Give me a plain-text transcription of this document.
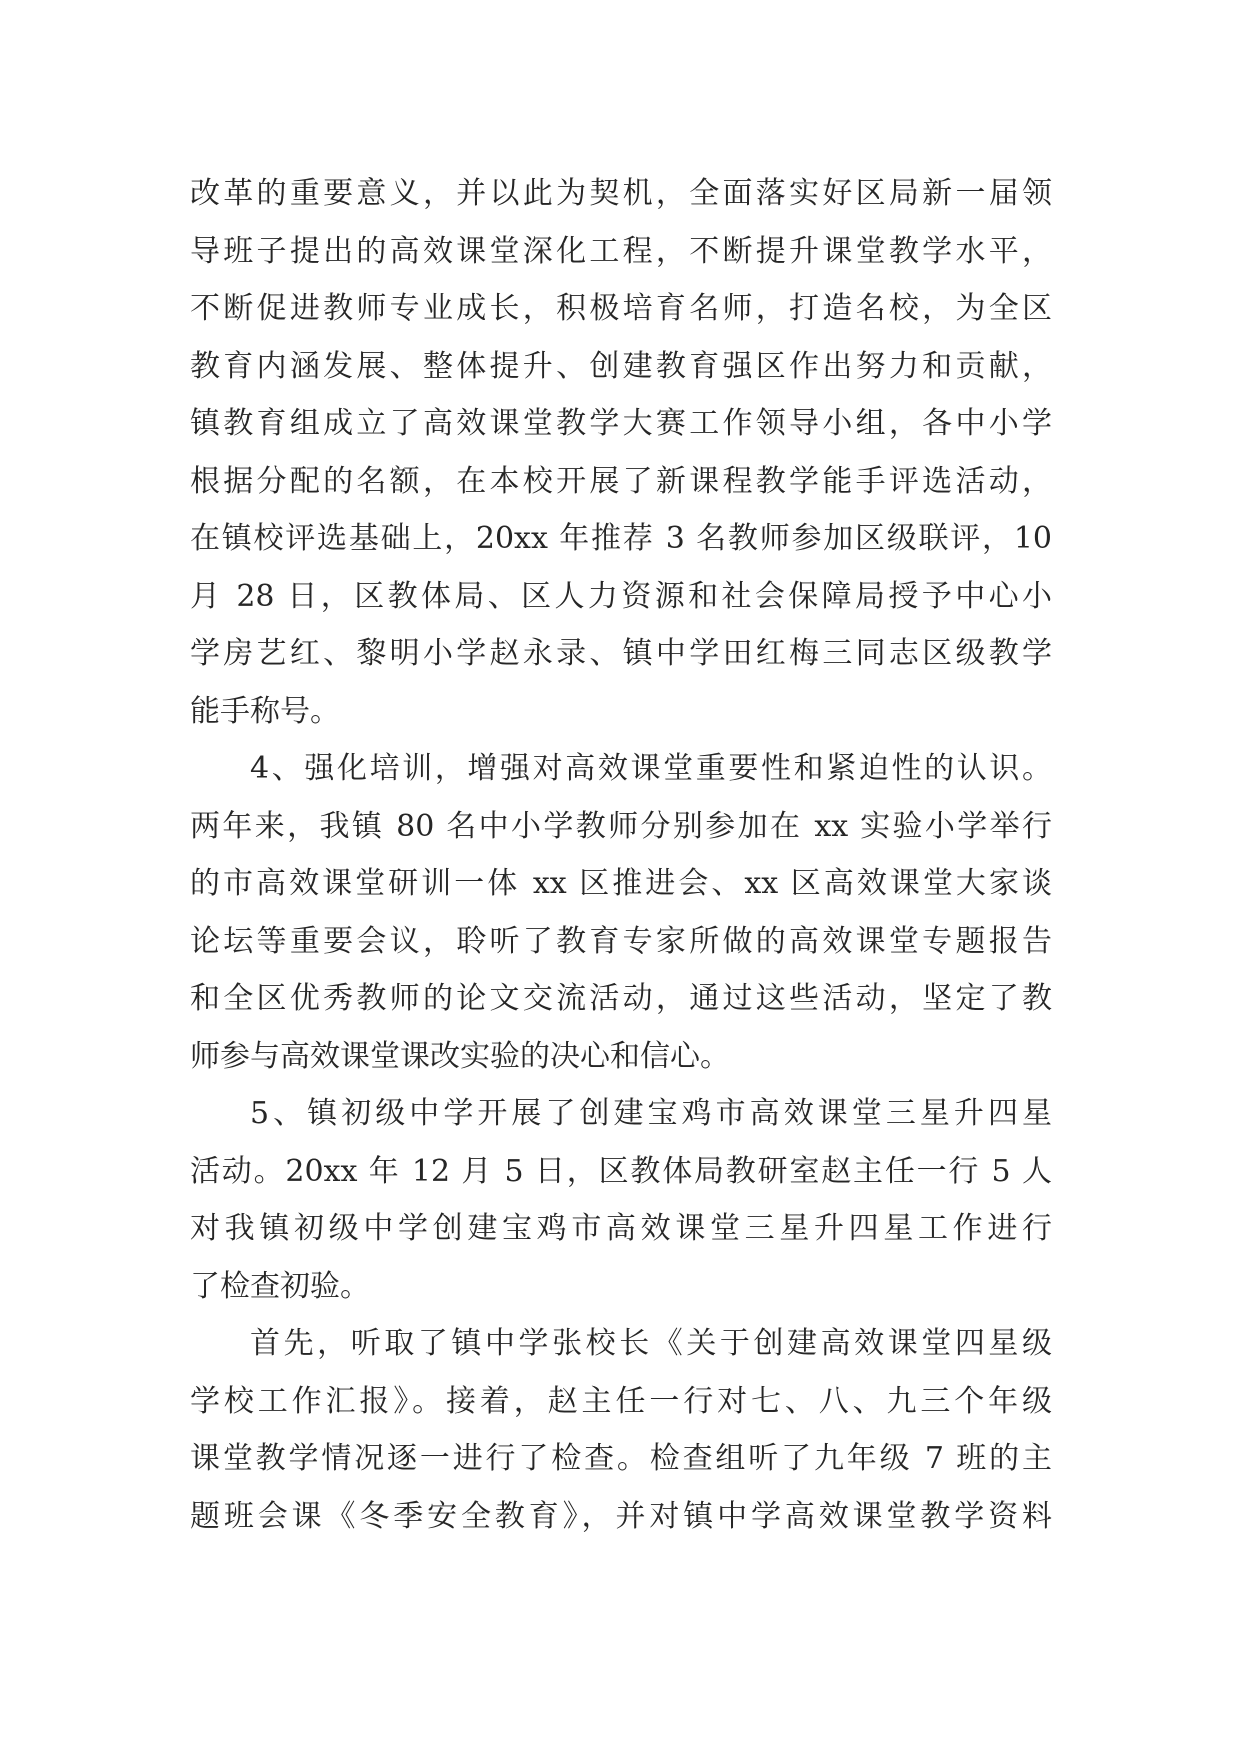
改革的重要意义，并以此为契机，全面落实好区局新一届领
导班子提出的高效课堂深化工程，不断提升课堂教学水平，
不断促进教师专业成长，积极培育名师，打造名校，为全区
教育内涵发展、整体提升、创建教育强区作出努力和贡献，
镇教育组成立了高效课堂教学大赛工作领导小组，各中小学
根据分配的名额，在本校开展了新课程教学能手评选活动，
在镇校评选基础上，20xx 年推荐 3 名教师参加区级联评，10
月 28 日，区教体局、区人力资源和社会保障局授予中心小
学房艺红、黎明小学赵永录、镇中学田红梅三同志区级教学
能手称号。
4、强化培训，增强对高效课堂重要性和紧迫性的认识。
两年来，我镇 80 名中小学教师分别参加在 xx 实验小学举行
的市高效课堂研训一体 xx 区推进会、xx 区高效课堂大家谈
论坛等重要会议，聆听了教育专家所做的高效课堂专题报告
和全区优秀教师的论文交流活动，通过这些活动，坚定了教
师参与高效课堂课改实验的决心和信心。
5、镇初级中学开展了创建宝鸡市高效课堂三星升四星
活动。20xx 年 12 月 5 日，区教体局教研室赵主任一行 5 人
对我镇初级中学创建宝鸡市高效课堂三星升四星工作进行
了检查初验。
首先，听取了镇中学张校长《关于创建高效课堂四星级
学校工作汇报》。接着，赵主任一行对七、八、九三个年级
课堂教学情况逐一进行了检查。检查组听了九年级 7 班的主
题班会课《冬季安全教育》，并对镇中学高效课堂教学资料
